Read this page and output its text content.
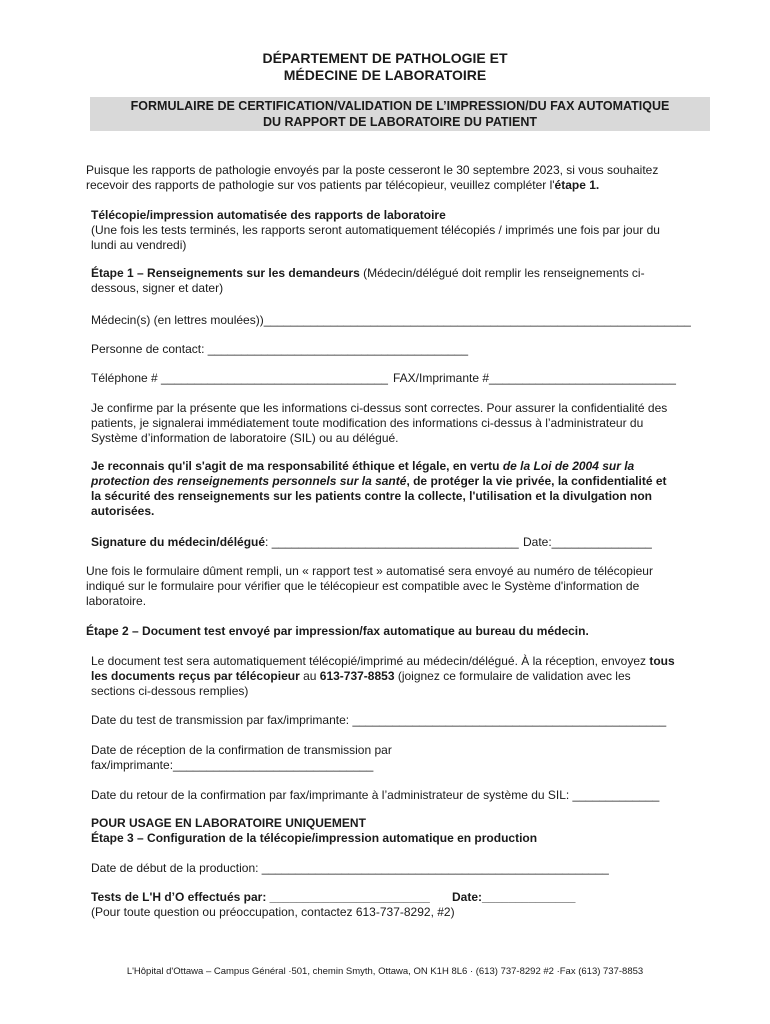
DÉPARTEMENT DE PATHOLOGIE ET
MÉDECINE DE LABORATOIRE
FORMULAIRE DE CERTIFICATION/VALIDATION DE L’IMPRESSION/DU FAX AUTOMATIQUE
DU RAPPORT DE LABORATOIRE DU PATIENT
Puisque les rapports de pathologie envoyés par la poste cesseront le 30 septembre 2023, si vous souhaitez
recevoir des rapports de pathologie sur vos patients par télécopieur, veuillez compléter l'étape 1.
Télécopie/impression automatisée des rapports de laboratoire
(Une fois les tests terminés, les rapports seront automatiquement télécopiés / imprimés une fois par jour du
lundi au vendredi)
Étape 1 – Renseignements sur les demandeurs (Médecin/délégué doit remplir les renseignements ci-
dessous, signer et dater)
Médecin(s) (en lettres moulées))________________________________________________________________
Personne de contact: _______________________________________
Téléphone # __________________________________ FAX/Imprimante #____________________________
Je confirme par la présente que les informations ci-dessus sont correctes. Pour assurer la confidentialité des
patients, je signalerai immédiatement toute modification des informations ci-dessus à l’administrateur du
Système d’information de laboratoire (SIL) ou au délégué.
Je reconnais qu'il s'agit de ma responsabilité éthique et légale, en vertu de la Loi de 2004 sur la
protection des renseignements personnels sur la santé, de protéger la vie privée, la confidentialité et
la sécurité des renseignements sur les patients contre la collecte, l'utilisation et la divulgation non
autorisées.
Signature du médecin/délégué: _____________________________________ Date:_______________
Une fois le formulaire dûment rempli, un « rapport test » automatisé sera envoyé au numéro de télécopieur
indiqué sur le formulaire pour vérifier que le télécopieur est compatible avec le Système d'information de
laboratoire.
Étape 2 – Document test envoyé par impression/fax automatique au bureau du médecin.
Le document test sera automatiquement télécopié/imprimé au médecin/délégué. À la réception, envoyez tous
les documents reçus par télécopieur au 613-737-8853 (joignez ce formulaire de validation avec les
sections ci-dessous remplies)
Date du test de transmission par fax/imprimante: _______________________________________________
Date de réception de la confirmation de transmission par
fax/imprimante:______________________________
Date du retour de la confirmation par fax/imprimante à l’administrateur de système du SIL: _____________
POUR USAGE EN LABORATOIRE UNIQUEMENT
Étape 3 – Configuration de la télécopie/impression automatique en production
Date de début de la production: ____________________________________________________
Tests de L'H d’O effectués par: ________________________ Date:______________
(Pour toute question ou préoccupation, contactez 613-737-8292, #2)
L'Hôpital d'Ottawa – Campus Général ·501, chemin Smyth, Ottawa, ON K1H 8L6 · (613) 737-8292 #2 ·Fax (613) 737-8853
